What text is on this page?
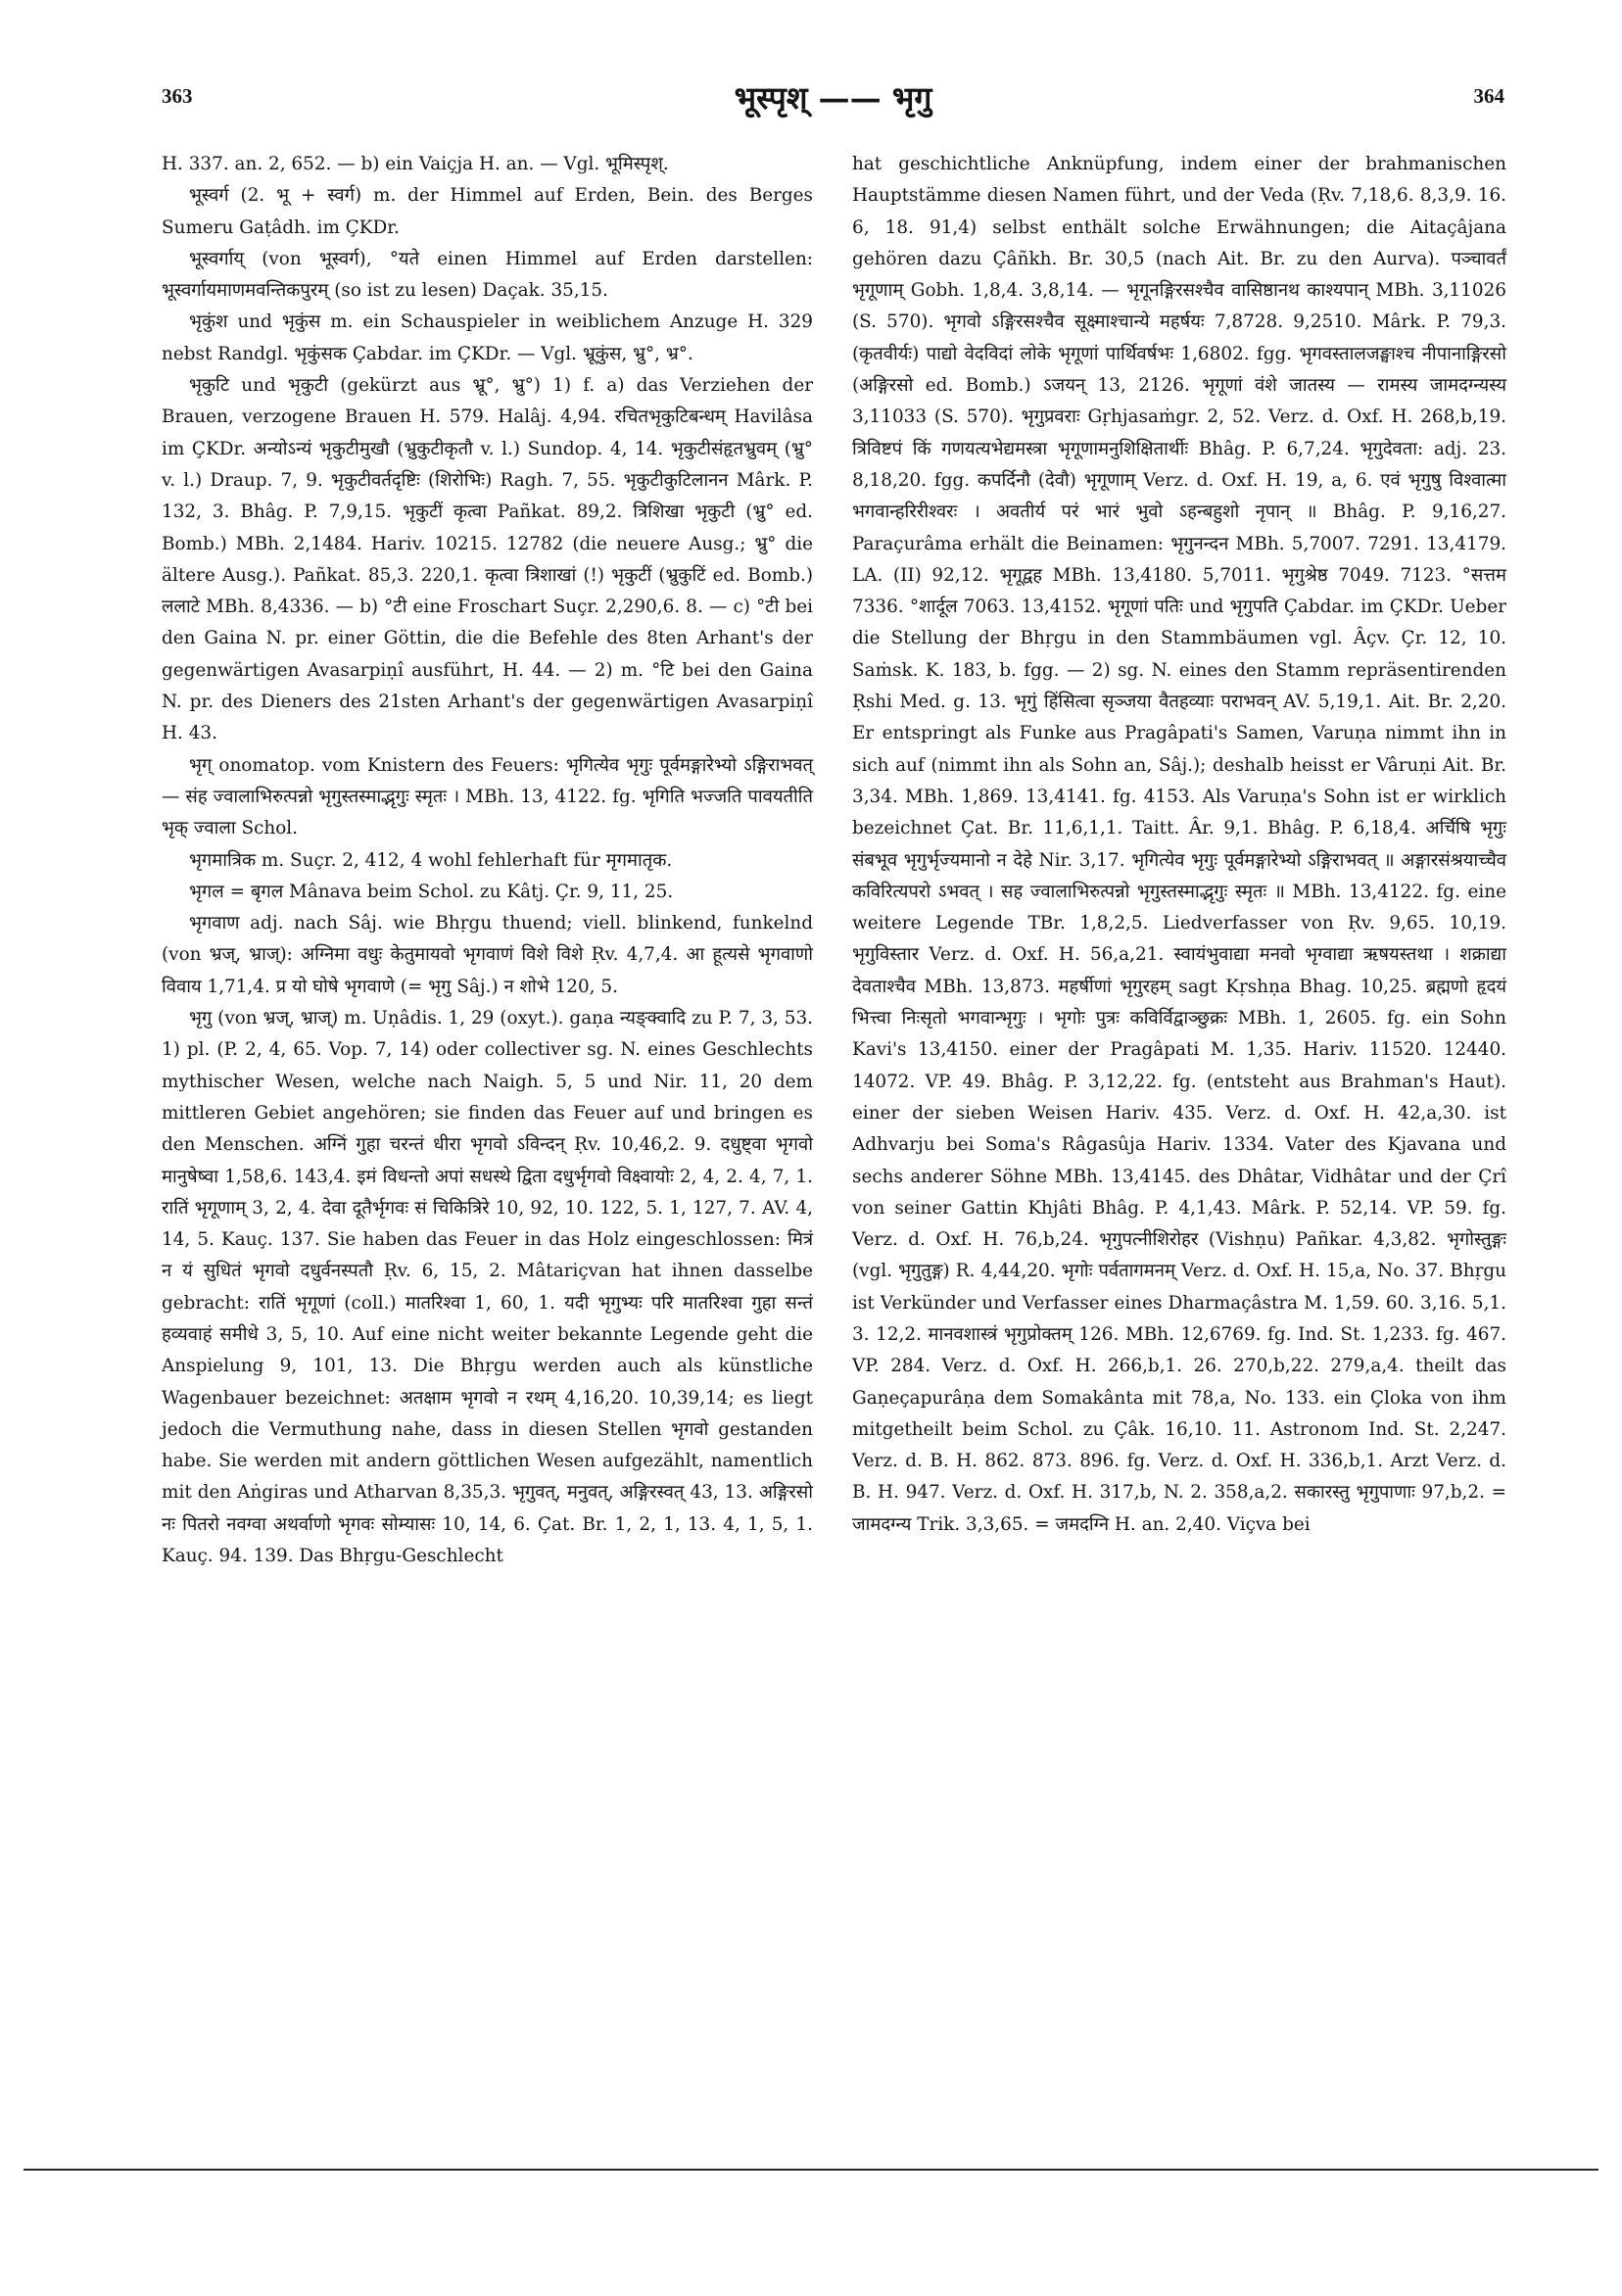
363	भूस्पृश् —— भृगु	364

H. 337. an. 2, 652. — b) ein Vaiçja H. an. — Vgl. भूमिस्पृश्.

भूस्वर्ग (2. भू + स्वर्ग) m. der Himmel auf Erden, Bein. des Berges Sumeru Gaṭâdh. im ÇKDr.

भूस्वर्गाय् (von भूस्वर्ग), °यते einen Himmel auf Erden darstellen: भूस्वर्गायमाणमवन्तिकपुरम् (so ist zu lesen) Daçak. 35,15.

भृकुंश und भृकुंस m. ein Schauspieler in weiblichem Anzuge H. 329 nebst Randgl. भृकुंसक Çabdar. im ÇKDr. — Vgl. भ्रूकुंस, भ्रु°, भ्र°.

भृकुटि und भृकुटी (gekürzt aus भ्रू°, भ्रु°) 1) f. a) das Verziehen der Brauen, verzogene Brauen H. 579. Halâj. 4,94. रचितभृकुटिबन्धम् Havilâsa im ÇKDr. अन्योऽन्यं भृकुटीमुखौ (भ्रुकुटीकृतौ v. l.) Sundop. 4, 14. भृकुटीसंहृतभ्रुवम् (भ्रु° v. l.) Draup. 7, 9. भृकुटीवर्तदृष्टिः (शिरोभिः) Ragh. 7, 55. भृकुटीकुटिलानन Mârk. P. 132, 3. Bhâg. P. 7,9,15. भृकुटीं कृत्वा Pañkat. 89,2. त्रिशिखा भृकुटी (भ्रु° ed. Bomb.) MBh. 2,1484. Hariv. 10215. 12782 (die neuere Ausg.; भ्रु° die ältere Ausg.). Pañkat. 85,3. 220,1. कृत्वा त्रिशाखां (!) भृकुटीं (भ्रुकुटिं ed. Bomb.) ललाटे MBh. 8,4336. — b) °टी eine Froschart Suçr. 2,290,6. 8. — c) °टी bei den Gaina N. pr. einer Göttin, die die Befehle des 8ten Arhant's der gegenwärtigen Avasarpiṇî ausführt, H. 44. — 2) m. °टि bei den Gaina N. pr. des Dieners des 21sten Arhant's der gegenwärtigen Avasarpiṇî H. 43.

भृग् onomatop. vom Knistern des Feuers: भृगित्येव भृगुः पूर्वमङ्गारेभ्यो ऽङ्गिराभवत् — संह ज्वालाभिरुत्पन्नो भृगुस्तस्माद्भृगुः स्मृतः । MBh. 13, 4122. fg. भृगिति भज्जति पावयतीति भृक् ज्वाला Schol.

भृगमात्रिक m. Suçr. 2, 412, 4 wohl fehlerhaft für मृगमातृक.

भृगल = बृगल Mânava beim Schol. zu Kâtj. Çr. 9, 11, 25.

भृगवाण adj. nach Sâj. wie Bhṛgu thuend; viell. blinkend, funkelnd (von भ्रज्, भ्राज्): अग्निमा वधुः केतुमायवो भृगवाणं विशे विशे Ṛv. 4,7,4. आ हूत्यसे भृगवाणो विवाय 1,71,4. प्र यो घोषे भृगवाणे (= भृगु Sâj.) न शोभे 120, 5.

भृगु (von भ्रज्, भ्राज्) m. Uṇâdis. 1, 29 (oxyt.). gaṇa न्यङ्क्वादि zu P. 7, 3, 53. 1) pl. (P. 2, 4, 65. Vop. 7, 14) oder collectiver sg. N. eines Geschlechts mythischer Wesen, welche nach Naigh. 5, 5 und Nir. 11, 20 dem mittleren Gebiet angehören; sie finden das Feuer auf und bringen es den Menschen. अग्निं गुहा चरन्तं धीरा भृगवो ऽविन्दन् Ṛv. 10,46,2. 9. दधुष्ट्वा भृगवो मानुषेष्वा 1,58,6. 143,4. इमं विधन्तो अपां सधस्थे द्विता दधुर्भृगवो विक्ष्वायोः 2, 4, 2. 4, 7, 1. रातिं भृगूणाम् 3, 2, 4. देवा दूतैर्भृगवः सं चिकित्रिरे 10, 92, 10. 122, 5. 1, 127, 7. AV. 4, 14, 5. Kauç. 137. Sie haben das Feuer in das Holz eingeschlossen: मित्रं न यं सुधितं भृगवो दधुर्वनस्पतौ Ṛv. 6, 15, 2. Mâtariçvan hat ihnen dasselbe gebracht: रातिं भृगूणां (coll.) मातरिश्वा 1, 60, 1. यदी भृगुभ्यः परि मातरिश्वा गुहा सन्तं हव्यवाहं समीधे 3, 5, 10. Auf eine nicht weiter bekannte Legende geht die Anspielung 9, 101, 13. Die Bhṛgu werden auch als künstliche Wagenbauer bezeichnet: अतक्षाम भृगवो न रथम् 4,16,20. 10,39,14; es liegt jedoch die Vermuthung nahe, dass in diesen Stellen भृगवो gestanden habe. Sie werden mit andern göttlichen Wesen aufgezählt, namentlich mit den Aṅgiras und Atharvan 8,35,3. भृगुवत्, मनुवत्, अङ्गिरस्वत् 43, 13. अङ्गिरसो नः पितरो नवग्वा अथर्वाणो भृगवः सोम्यासः 10, 14, 6. Çat. Br. 1, 2, 1, 13. 4, 1, 5, 1. Kauç. 94. 139. Das Bhṛgu-Geschlecht

hat geschichtliche Anknüpfung, indem einer der brahmanischen Hauptstämme diesen Namen führt, und der Veda (Ṛv. 7,18,6. 8,3,9. 16. 6, 18. 91,4) selbst enthält solche Erwähnungen; die Aitaçâjana gehören dazu Çâñkh. Br. 30,5 (nach Ait. Br. zu den Aurva). पञ्चावर्तं भृगूणाम् Gobh. 1,8,4. 3,8,14. — भृगूनङ्गिरसश्चैव वासिष्ठानथ काश्यपान् MBh. 3,11026 (S. 570). भृगवो ऽङ्गिरसश्चैव सूक्ष्माश्चान्ये महर्षयः 7,8728. 9,2510. Mârk. P. 79,3. (कृतवीर्यः) पाद्यो वेदविदां लोके भृगूणां पार्थिवर्षभः 1,6802. fgg. भृगवस्तालजङ्घाश्च नीपानाङ्गिरसो (अङ्गिरसो ed. Bomb.) ऽजयन् 13, 2126. भृगूणां वंशे जातस्य — रामस्य जामदग्न्यस्य 3,11033 (S. 570). भृगुप्रवराः Gṛhjasaṁgr. 2, 52. Verz. d. Oxf. H. 268,b,19. त्रिविष्टपं किं गणयत्यभेद्यमस्त्रा भृगूणामनुशिक्षितार्थीः Bhâg. P. 6,7,24. भृगुदेवता: adj. 23. 8,18,20. fgg. कपर्दिनौ (देवौ) भृगूणाम् Verz. d. Oxf. H. 19, a, 6. एवं भृगुषु विश्वात्मा भगवान्हरिरीश्वरः । अवतीर्य परं भारं भुवो ऽहन्बहुशो नृपान् ॥ Bhâg. P. 9,16,27. Paraçurâma erhält die Beinamen: भृगुनन्दन MBh. 5,7007. 7291. 13,4179. LA. (II) 92,12. भृगूद्वह MBh. 13,4180. 5,7011. भृगुश्रेष्ठ 7049. 7123. °सत्तम 7336. °शार्दूल 7063. 13,4152. भृगूणां पतिः und भृगुपति Çabdar. im ÇKDr. Ueber die Stellung der Bhṛgu in den Stammbäumen vgl. Âçv. Çr. 12, 10. Saṁsk. K. 183, b. fgg. — 2) sg. N. eines den Stamm repräsentirenden Ṛshi Med. g. 13. भृगुं हिंसित्वा सृञ्जया वैतहव्याः पराभवन् AV. 5,19,1. Ait. Br. 2,20. Er entspringt als Funke aus Pragâpati's Samen, Varuṇa nimmt ihn in sich auf (nimmt ihn als Sohn an, Sâj.); deshalb heisst er Vâruṇi Ait. Br. 3,34. MBh. 1,869. 13,4141. fg. 4153. Als Varuṇa's Sohn ist er wirklich bezeichnet Çat. Br. 11,6,1,1. Taitt. Âr. 9,1. Bhâg. P. 6,18,4. अर्चिषि भृगुः संबभूव भृगुर्भृज्यमानो न देहे Nir. 3,17. भृगित्येव भृगुः पूर्वमङ्गारेभ्यो ऽङ्गिराभवत् ॥ अङ्गारसंश्रयाच्चैव कविरित्यपरो ऽभवत् । सह ज्वालाभिरुत्पन्नो भृगुस्तस्माद्भृगुः स्मृतः ॥ MBh. 13,4122. fg. eine weitere Legende TBr. 1,8,2,5. Liedverfasser von Ṛv. 9,65. 10,19. भृगुविस्तार Verz. d. Oxf. H. 56,a,21. स्वायंभुवाद्या मनवो भृग्वाद्या ऋषयस्तथा । शक्राद्या देवताश्चैव MBh. 13,873. महर्षीणां भृगुरहम् sagt Kṛshṇa Bhag. 10,25. ब्रह्मणो हृदयं भित्त्वा निःसृतो भगवान्भृगुः । भृगोः पुत्रः कविर्विद्वाञ्छुक्रः MBh. 1, 2605. fg. ein Sohn Kavi's 13,4150. einer der Pragâpati M. 1,35. Hariv. 11520. 12440. 14072. VP. 49. Bhâg. P. 3,12,22. fg. (entsteht aus Brahman's Haut). einer der sieben Weisen Hariv. 435. Verz. d. Oxf. H. 42,a,30. ist Adhvarju bei Soma's Râgasûja Hariv. 1334. Vater des Kjavana und sechs anderer Söhne MBh. 13,4145. des Dhâtar, Vidhâtar und der Çrî von seiner Gattin Khjâti Bhâg. P. 4,1,43. Mârk. P. 52,14. VP. 59. fg. Verz. d. Oxf. H. 76,b,24. भृगुपत्नीशिरोहर (Vishṇu) Pañkar. 4,3,82. भृगोस्तुङ्गः (vgl. भृगुतुङ्ग) R. 4,44,20. भृगोः पर्वतागमनम् Verz. d. Oxf. H. 15,a, No. 37. Bhṛgu ist Verkünder und Verfasser eines Dharmaçâstra M. 1,59. 60. 3,16. 5,1. 3. 12,2. मानवशास्त्रं भृगुप्रोक्तम् 126. MBh. 12,6769. fg. Ind. St. 1,233. fg. 467. VP. 284. Verz. d. Oxf. H. 266,b,1. 26. 270,b,22. 279,a,4. theilt das Gaṇeçapurâṇa dem Somakânta mit 78,a, No. 133. ein Çloka von ihm mitgetheilt beim Schol. zu Çâk. 16,10. 11. Astronom Ind. St. 2,247. Verz. d. B. H. 862. 873. 896. fg. Verz. d. Oxf. H. 336,b,1. Arzt Verz. d. B. H. 947. Verz. d. Oxf. H. 317,b, N. 2. 358,a,2. सकारस्तु भृगुपाणाः 97,b,2. = जामदग्न्य Trik. 3,3,65. = जमदग्नि H. an. 2,40. Viçva bei
